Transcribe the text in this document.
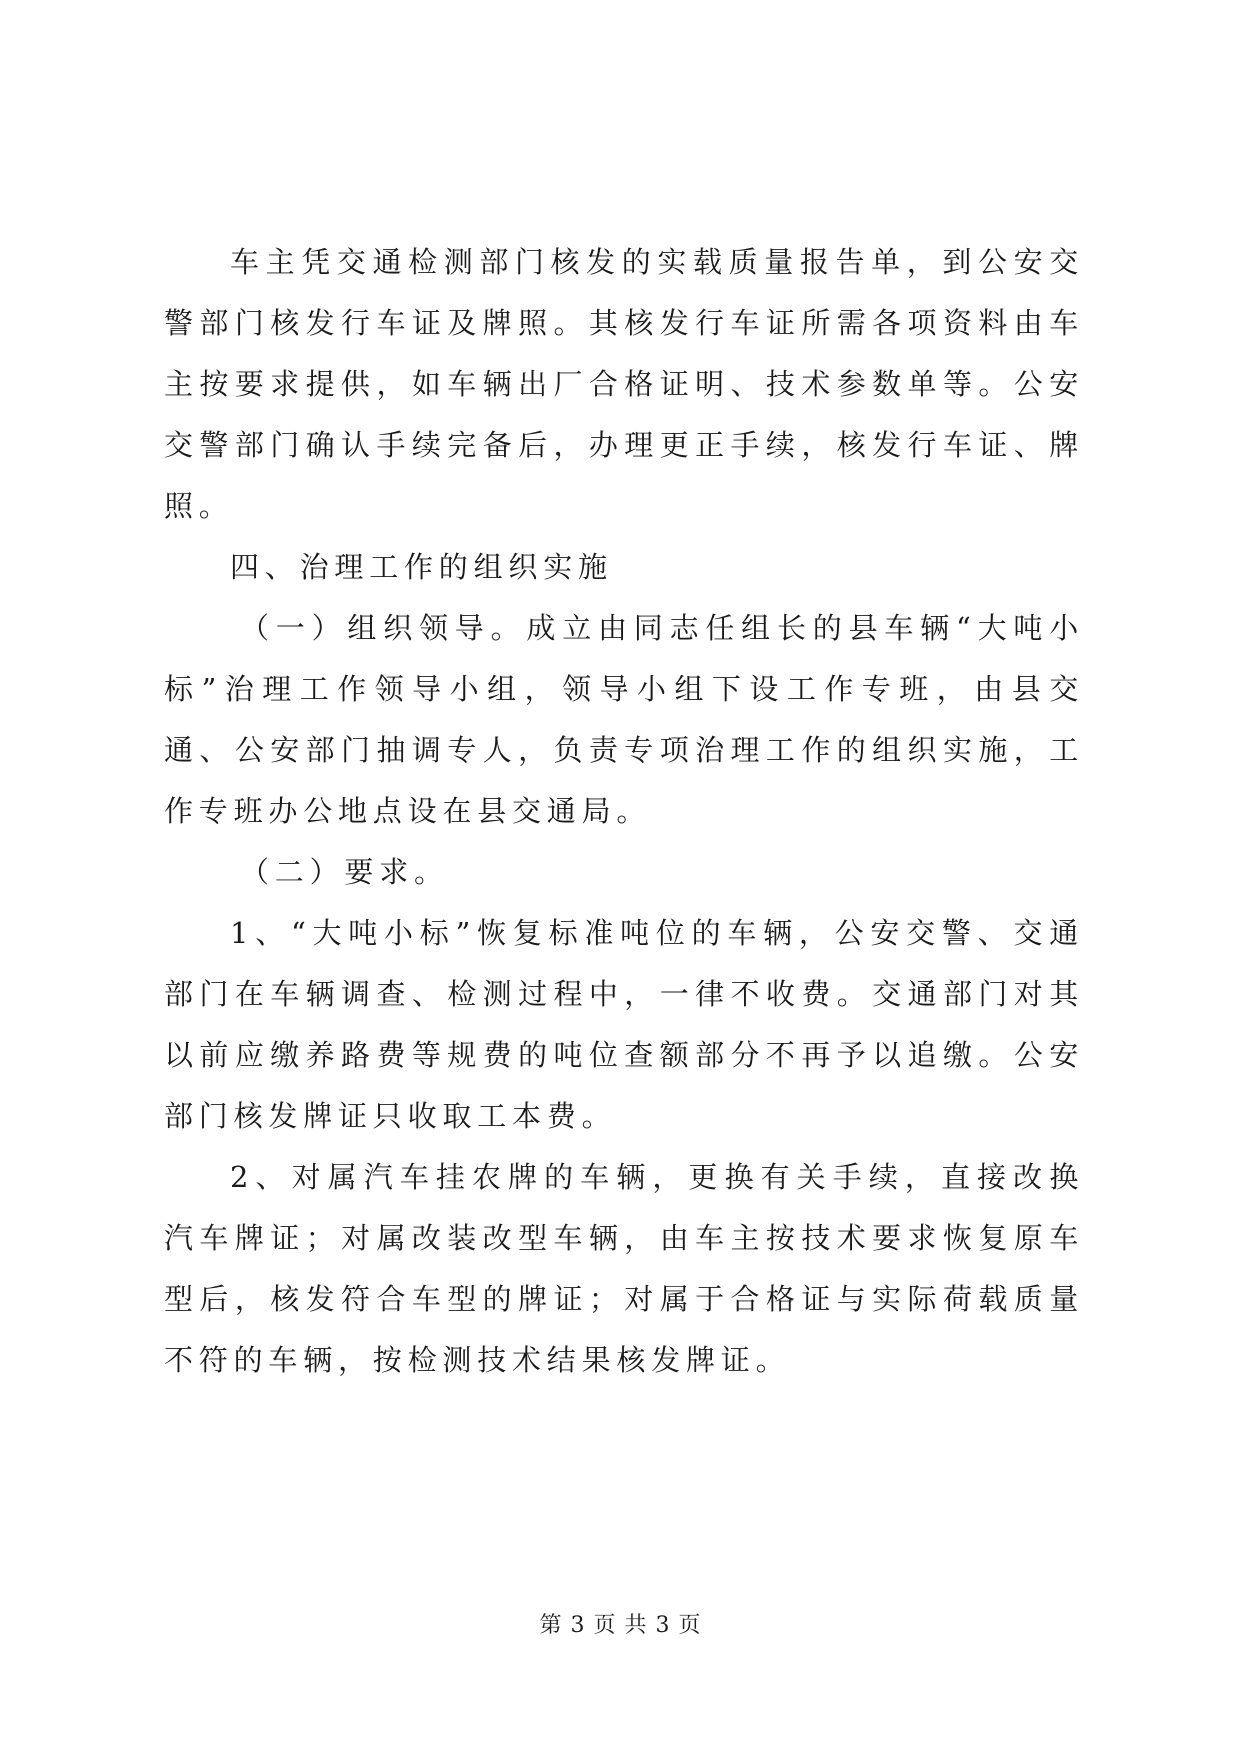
车主凭交通检测部门核发的实载质量报告单，到公安交警部门核发行车证及牌照。其核发行车证所需各项资料由车主按要求提供，如车辆出厂合格证明、技术参数单等。公安交警部门确认手续完备后，办理更正手续，核发行车证、牌照。

四、治理工作的组织实施

（一）组织领导。成立由同志任组长的县车辆“大吨小标”治理工作领导小组，领导小组下设工作专班，由县交通、公安部门抽调专人，负责专项治理工作的组织实施，工作专班办公地点设在县交通局。

（二）要求。

1、“大吨小标”恢复标准吨位的车辆，公安交警、交通部门在车辆调查、检测过程中，一律不收费。交通部门对其以前应缴养路费等规费的吨位查额部分不再予以追缴。公安部门核发牌证只收取工本费。

2、对属汽车挂农牌的车辆，更换有关手续，直接改换汽车牌证；对属改装改型车辆，由车主按技术要求恢复原车型后，核发符合车型的牌证；对属于合格证与实际荷载质量不符的车辆，按检测技术结果核发牌证。

第 3 页 共 3 页
